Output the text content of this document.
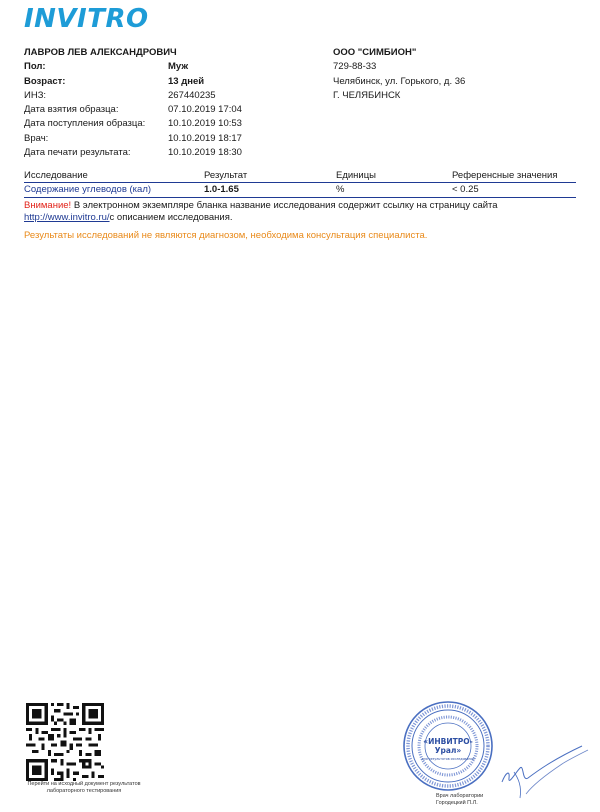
INVITRO
ЛАВРОВ ЛЕВ АЛЕКСАНДРОВИЧ
Пол:	Муж
Возраст:	13 дней
ИНЗ:	267440235
Дата взятия образца:	07.10.2019 17:04
Дата поступления образца:	10.10.2019 10:53
Врач:	10.10.2019 18:17
Дата печати результата:	10.10.2019 18:30
ООО "СИМБИОН"
729-88-33
Челябинск, ул. Горького, д. 36
Г. ЧЕЛЯБИНСК
Исследование	Результат	Единицы	Референсные значения
Содержание углеводов (кал)	1.0-1.65	%	< 0.25
Внимание! В электронном экземпляре бланка название исследования содержит ссылку на страницу сайта
http://www.invitro.ru/с описанием исследования.
Результаты исследований не являются диагнозом, необходима консультация специалиста.
Перейти на исходный документ результатов лабораторного тестирования
«ИНВИТРО-
Урал»
для результатов исследований
Врач лаборатории Городецкий П.Л.
